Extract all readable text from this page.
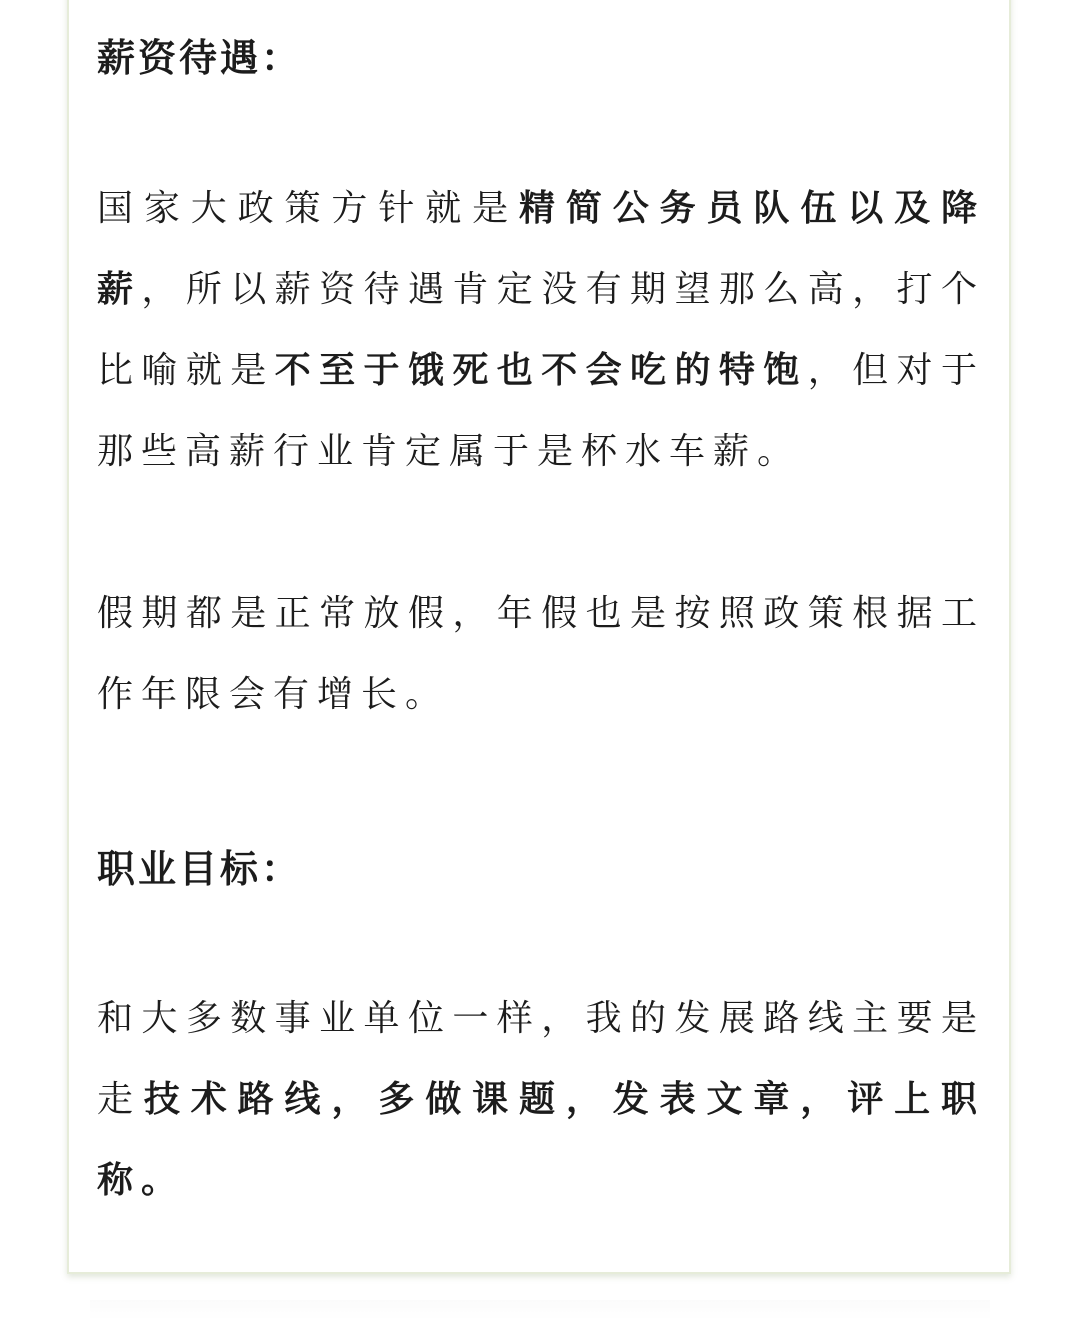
薪资待遇：

国家大政策方针就是精简公务员队伍以及降薪，所以薪资待遇肯定没有期望那么高，打个比喻就是不至于饿死也不会吃的特饱，但对于那些高薪行业肯定属于是杯水车薪。

假期都是正常放假，年假也是按照政策根据工作年限会有增长。

职业目标：

和大多数事业单位一样，我的发展路线主要是走技术路线，多做课题，发表文章，评上职称。
